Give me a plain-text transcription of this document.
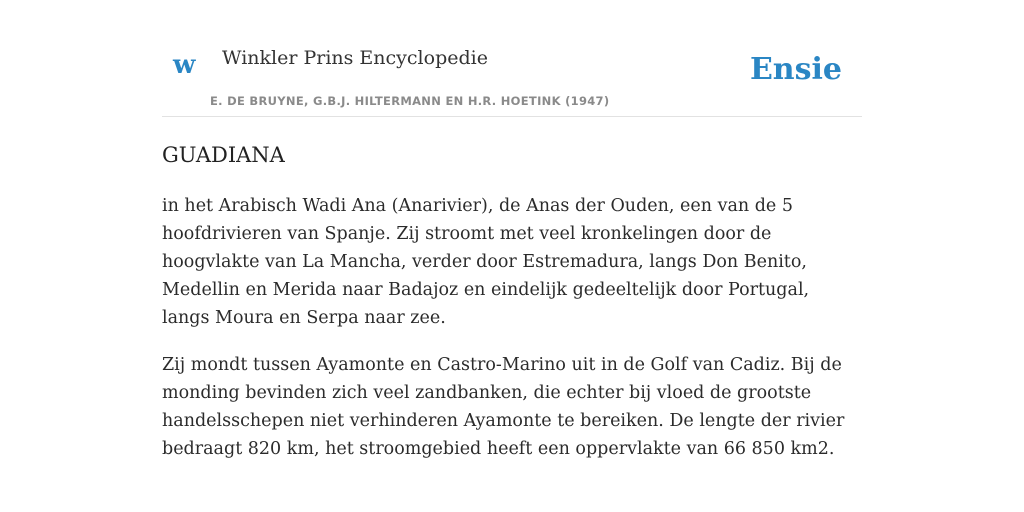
w Winkler Prins Encyclopedie
E. DE BRUYNE, G.B.J. HILTERMANN EN H.R. HOETINK (1947)
Ensie
GUADIANA

in het Arabisch Wadi Ana (Anarivier), de Anas der Ouden, een van de 5 hoofdrivieren van Spanje. Zij stroomt met veel kronkelingen door de hoogvlakte van La Mancha, verder door Estremadura, langs Don Benito, Medellin en Merida naar Badajoz en eindelijk gedeeltelijk door Portugal, langs Moura en Serpa naar zee.

Zij mondt tussen Ayamonte en Castro-Marino uit in de Golf van Cadiz. Bij de monding bevinden zich veel zandbanken, die echter bij vloed de grootste handelsschepen niet verhinderen Ayamonte te bereiken. De lengte der rivier bedraagt 820 km, het stroomgebied heeft een oppervlakte van 66 850 km2.
